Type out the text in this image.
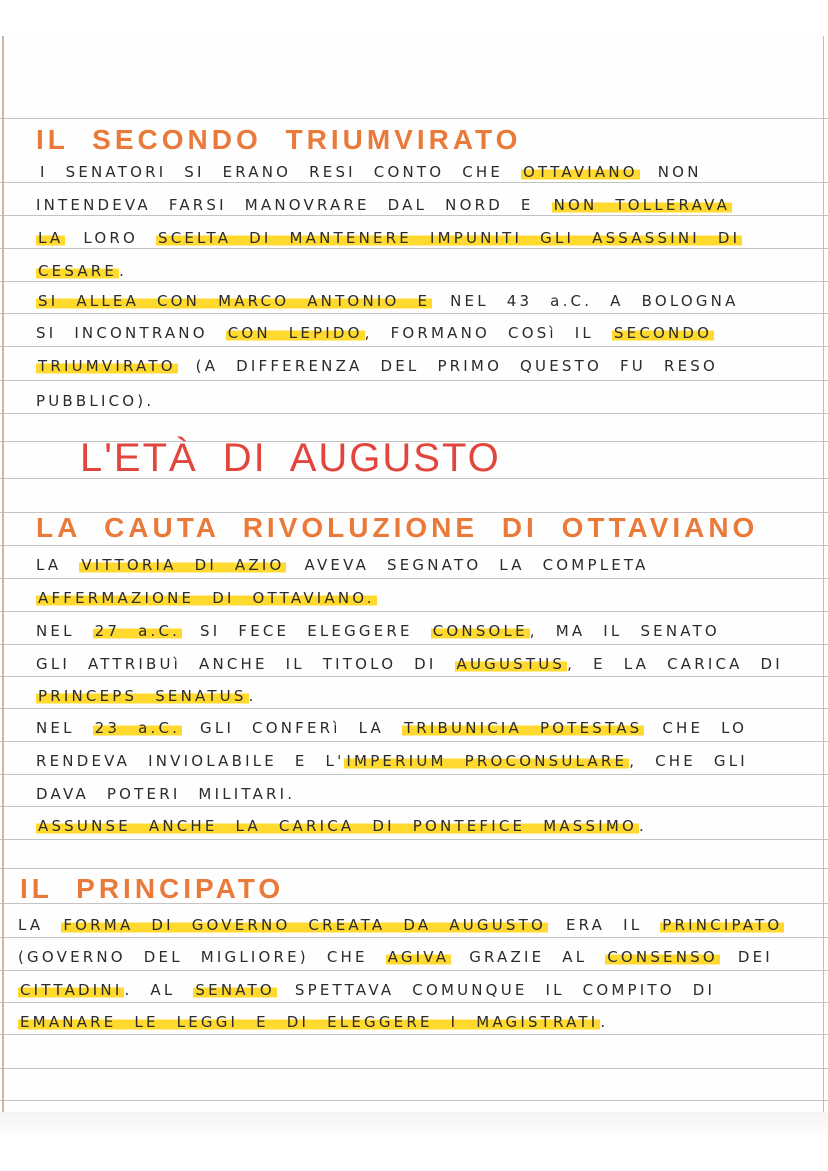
IL SECONDO TRIUMVIRATO
I SENATORI SI ERANO RESI CONTO CHE OTTAVIANO NON
INTENDEVA FARSI MANOVRARE DAL NORD E NON TOLLERAVA
LA LORO SCELTA DI MANTENERE IMPUNITI GLI ASSASSINI DI
CESARE .
SI ALLEA CON MARCO ANTONIO E NEL 43 a.C. A BOLOGNA
SI INCONTRANO CON LEPIDO , FORMANO COSì IL SECONDO
TRIUMVIRATO (A DIFFERENZA DEL PRIMO QUESTO FU RESO
PUBBLICO).
L'ETÀ DI AUGUSTO
LA CAUTA RIVOLUZIONE DI OTTAVIANO
LA VITTORIA DI AZIO AVEVA SEGNATO LA COMPLETA
AFFERMAZIONE DI OTTAVIANO.
NEL 27 a.C. SI FECE ELEGGERE CONSOLE , MA IL SENATO
GLI ATTRIBUì ANCHE IL TITOLO DI AUGUSTUS , E LA CARICA DI
PRINCEPS SENATUS .
NEL 23 a.C. GLI CONFERì LA TRIBUNICIA POTESTAS CHE LO
RENDEVA INVIOLABILE E L' IMPERIUM PROCONSULARE , CHE GLI
DAVA POTERI MILITARI.
ASSUNSE ANCHE LA CARICA DI PONTEFICE MASSIMO .
IL PRINCIPATO
LA FORMA DI GOVERNO CREATA DA AUGUSTO ERA IL PRINCIPATO
(GOVERNO DEL MIGLIORE) CHE AGIVA GRAZIE AL CONSENSO DEI
CITTADINI . AL SENATO SPETTAVA COMUNQUE IL COMPITO DI
EMANARE LE LEGGI E DI ELEGGERE I MAGISTRATI .
